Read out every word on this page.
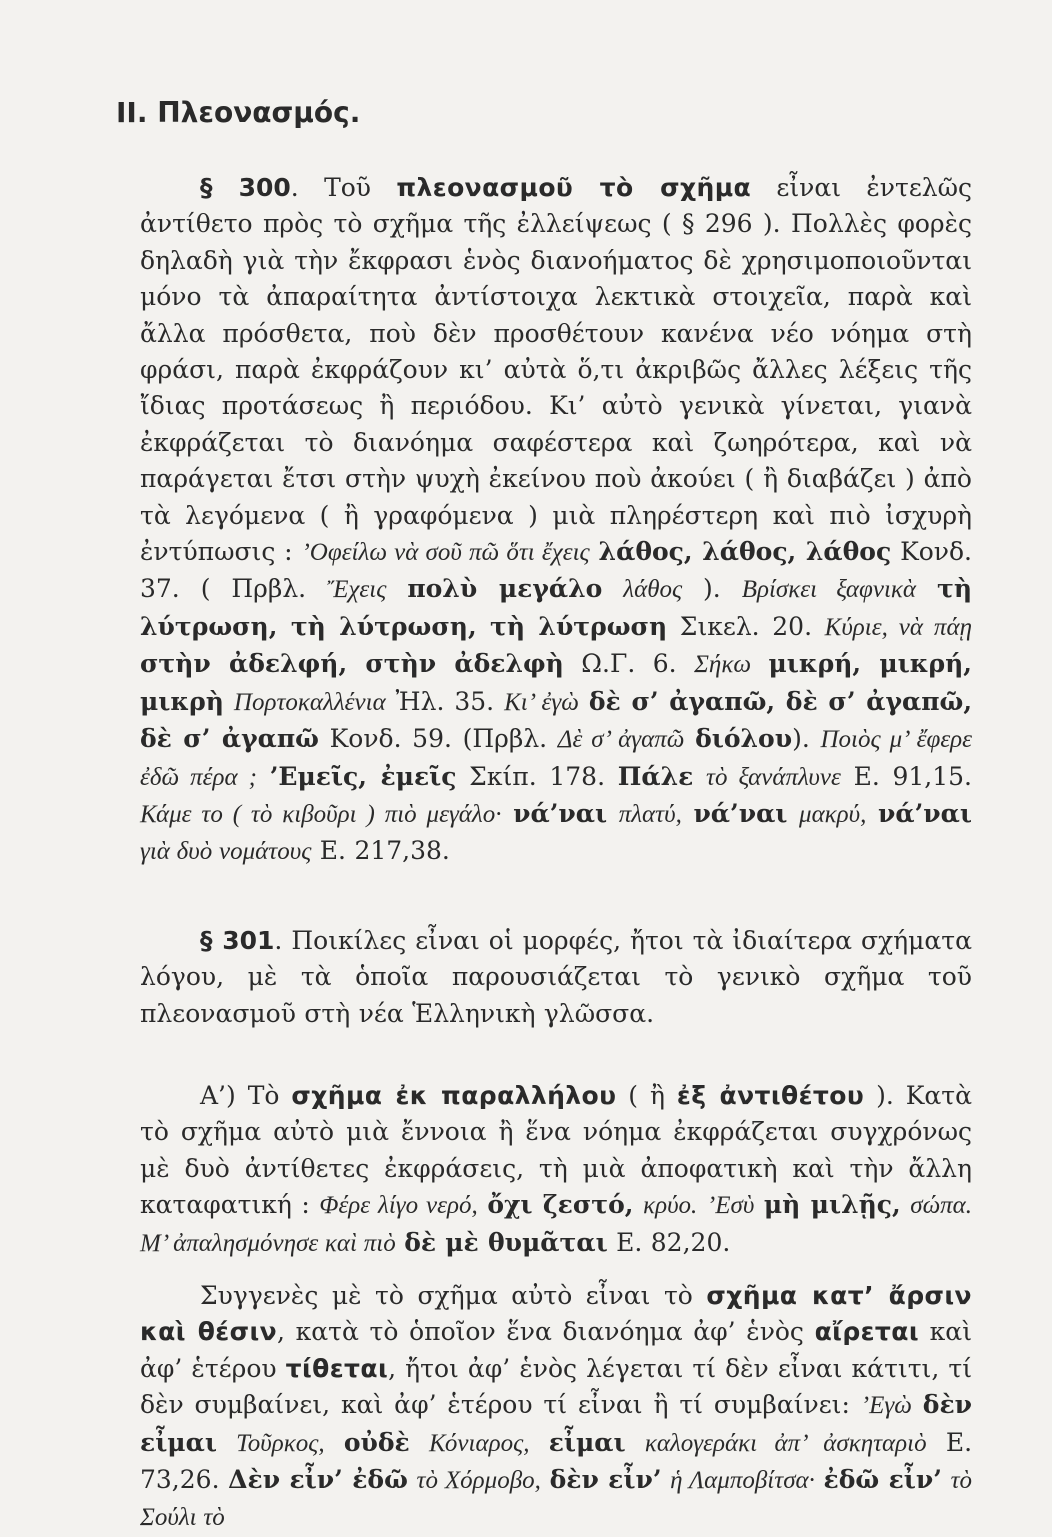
II. Πλεονασμός.

§ 300. Τοῦ πλεονασμοῦ τὸ σχῆμα εἶναι ἐντελῶς ἀντίθετο πρὸς τὸ σχῆμα τῆς ἐλλείψεως ( § 296 ). Πολλὲς φορὲς δηλαδὴ γιὰ τὴν ἔκφρασι ἑνὸς διανοήματος δὲ χρησιμοποιοῦνται μόνο τὰ ἀπαραίτητα ἀντίστοιχα λεκτικὰ στοιχεῖα, παρὰ καὶ ἄλλα πρόσθετα, ποὺ δὲν προσθέτουν κανένα νέο νόημα στὴ φράσι, παρὰ ἐκφράζουν κι’ αὐτὰ ὅ,τι ἀκριβῶς ἄλλες λέξεις τῆς ἴδιας προτάσεως ἢ περιόδου. Κι’ αὐτὸ γενικὰ γίνεται, γιανὰ ἐκφράζεται τὸ διανόημα σαφέστερα καὶ ζωηρότερα, καὶ νὰ παράγεται ἔτσι στὴν ψυχὴ ἐκείνου ποὺ ἀκούει ( ἢ διαβάζει ) ἀπὸ τὰ λεγόμενα ( ἢ γραφόμενα ) μιὰ πληρέστερη καὶ πιὸ ἰσχυρὴ ἐντύπωσις : ’Οφείλω νὰ σοῦ πῶ ὅτι ἔχεις λάθος, λάθος, λάθος Κονδ. 37. ( Πρβλ. Ἔχεις πολὺ μεγάλο λάθος ). Βρίσκει ξαφνικὰ τὴ λύτρωση, τὴ λύτρωση, τὴ λύτρωση Σικελ. 20. Κύριε, νὰ πάῃ στὴν ἀδελφή, στὴν ἀδελφὴ Ω.Γ. 6. Σήκω μικρή, μικρή, μικρὴ Πορτοκαλλένια Ἠλ. 35. Κι’ ἐγὼ δὲ σ’ ἀγαπῶ, δὲ σ’ ἀγαπῶ, δὲ σ’ ἀγαπῶ Κονδ. 59. (Πρβλ. Δὲ σ’ ἀγαπῶ διόλου). Ποιὸς μ’ ἔφερε ἐδῶ πέρα ; ’Εμεῖς, ἐμεῖς Σκίπ. 178. Πάλε τὸ ξανάπλυνε Ε. 91,15. Κάμε το ( τὸ κιβοῦρι ) πιὸ μεγάλο· νά’ναι πλατύ, νά’ναι μακρύ, νά’ναι γιὰ δυὸ νομάτους Ε. 217,38.

§ 301. Ποικίλες εἶναι οἱ μορφές, ἤτοι τὰ ἰδιαίτερα σχήματα λόγου, μὲ τὰ ὁποῖα παρουσιάζεται τὸ γενικὸ σχῆμα τοῦ πλεονασμοῦ στὴ νέα Ἑλληνικὴ γλῶσσα.

Α’) Τὸ σχῆμα ἐκ παραλλήλου ( ἢ ἐξ ἀντιθέτου ). Κατὰ τὸ σχῆμα αὐτὸ μιὰ ἔννοια ἢ ἕνα νόημα ἐκφράζεται συγχρόνως μὲ δυὸ ἀντίθετες ἐκφράσεις, τὴ μιὰ ἀποφατικὴ καὶ τὴν ἄλλη καταφατική : Φέρε λίγο νερό, ὄχι ζεστό, κρύο. ’Εσὺ μὴ μιλῇς, σώπα. Μ’ ἀπαλησμόνησε καὶ πιὸ δὲ μὲ θυμᾶται Ε. 82,20.

Συγγενὲς μὲ τὸ σχῆμα αὐτὸ εἶναι τὸ σχῆμα κατ’ ἄρσιν καὶ θέσιν, κατὰ τὸ ὁποῖον ἕνα διανόημα ἀφ’ ἑνὸς αἴρεται καὶ ἀφ’ ἑτέρου τίθεται, ἤτοι ἀφ’ ἑνὸς λέγεται τί δὲν εἶναι κάτιτι, τί δὲν συμβαίνει, καὶ ἀφ’ ἑτέρου τί εἶναι ἢ τί συμβαίνει: ’Εγὼ δὲν εἶμαι Τοῦρκος, οὐδὲ Κόνιαρος, εἶμαι καλογεράκι ἀπ’ ἀσκηταριὸ Ε. 73,26. Δὲν εἶν’ ἐδῶ τὸ Χόρμοβο, δὲν εἶν’ ἡ Λαμποβίτσα· ἐδῶ εἶν’ τὸ Σούλι τὸ
